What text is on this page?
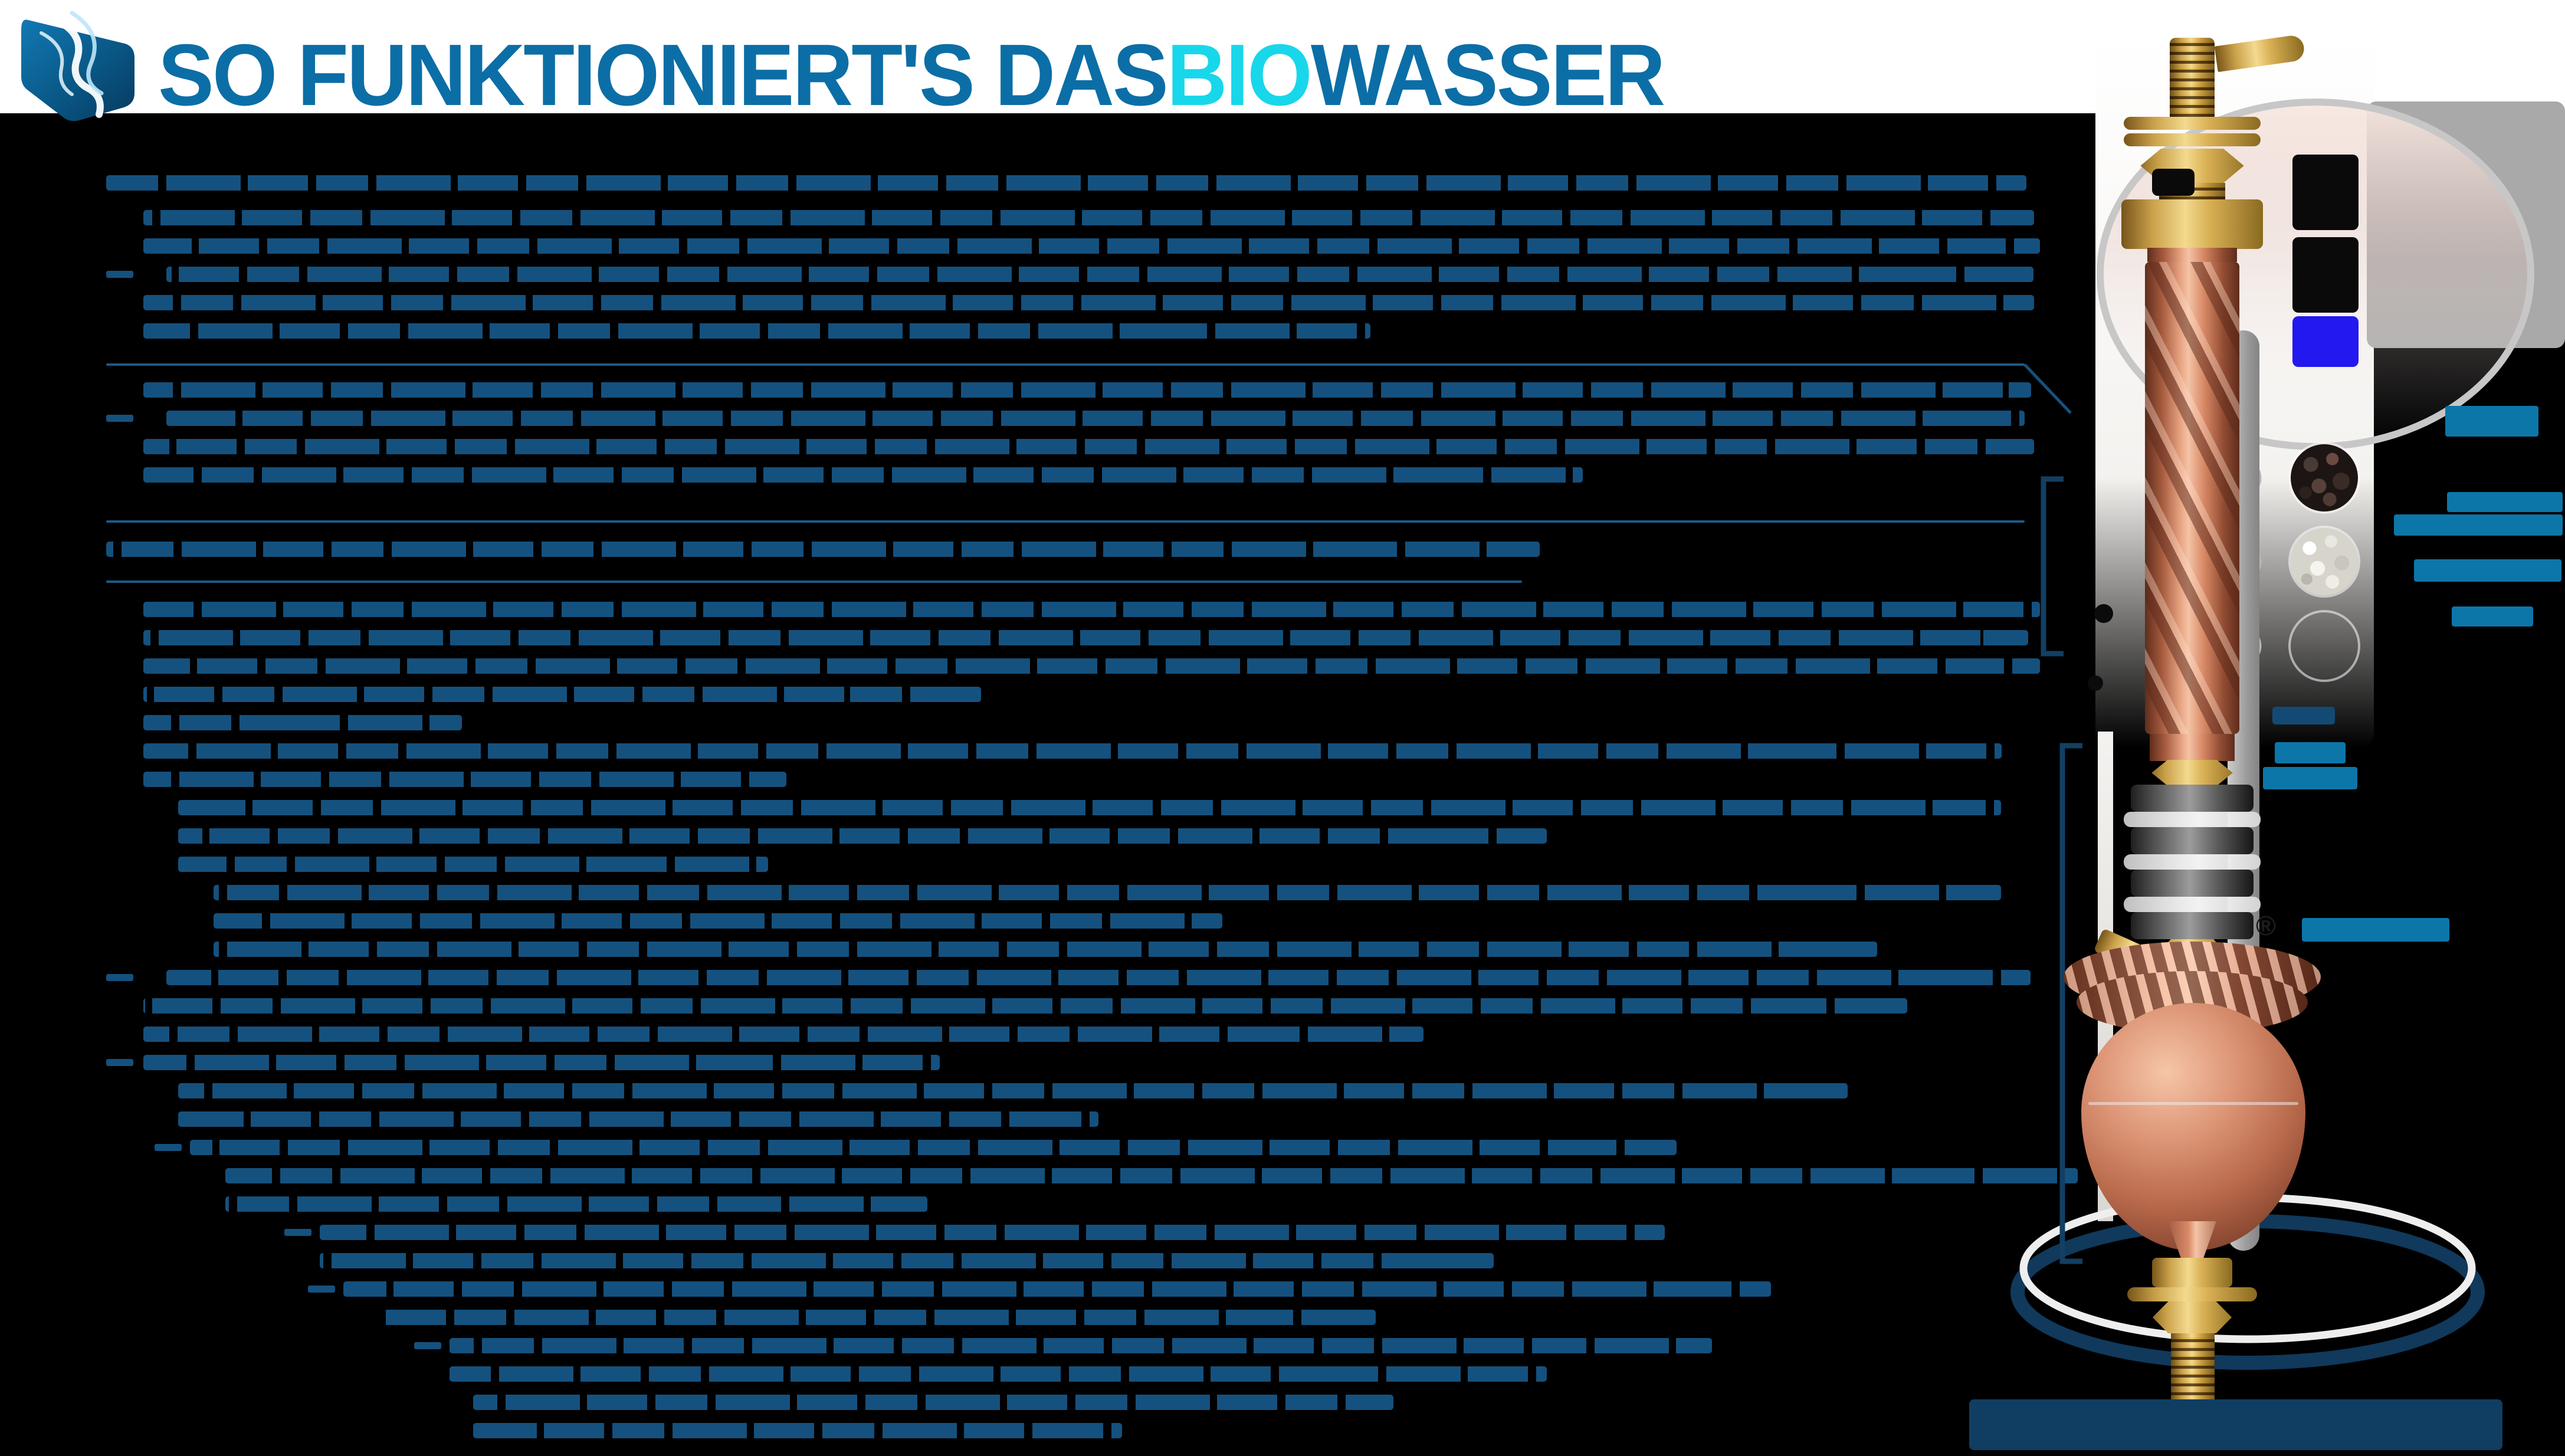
SO FUNKTIONIERT'S DASBIOWASSER
®
